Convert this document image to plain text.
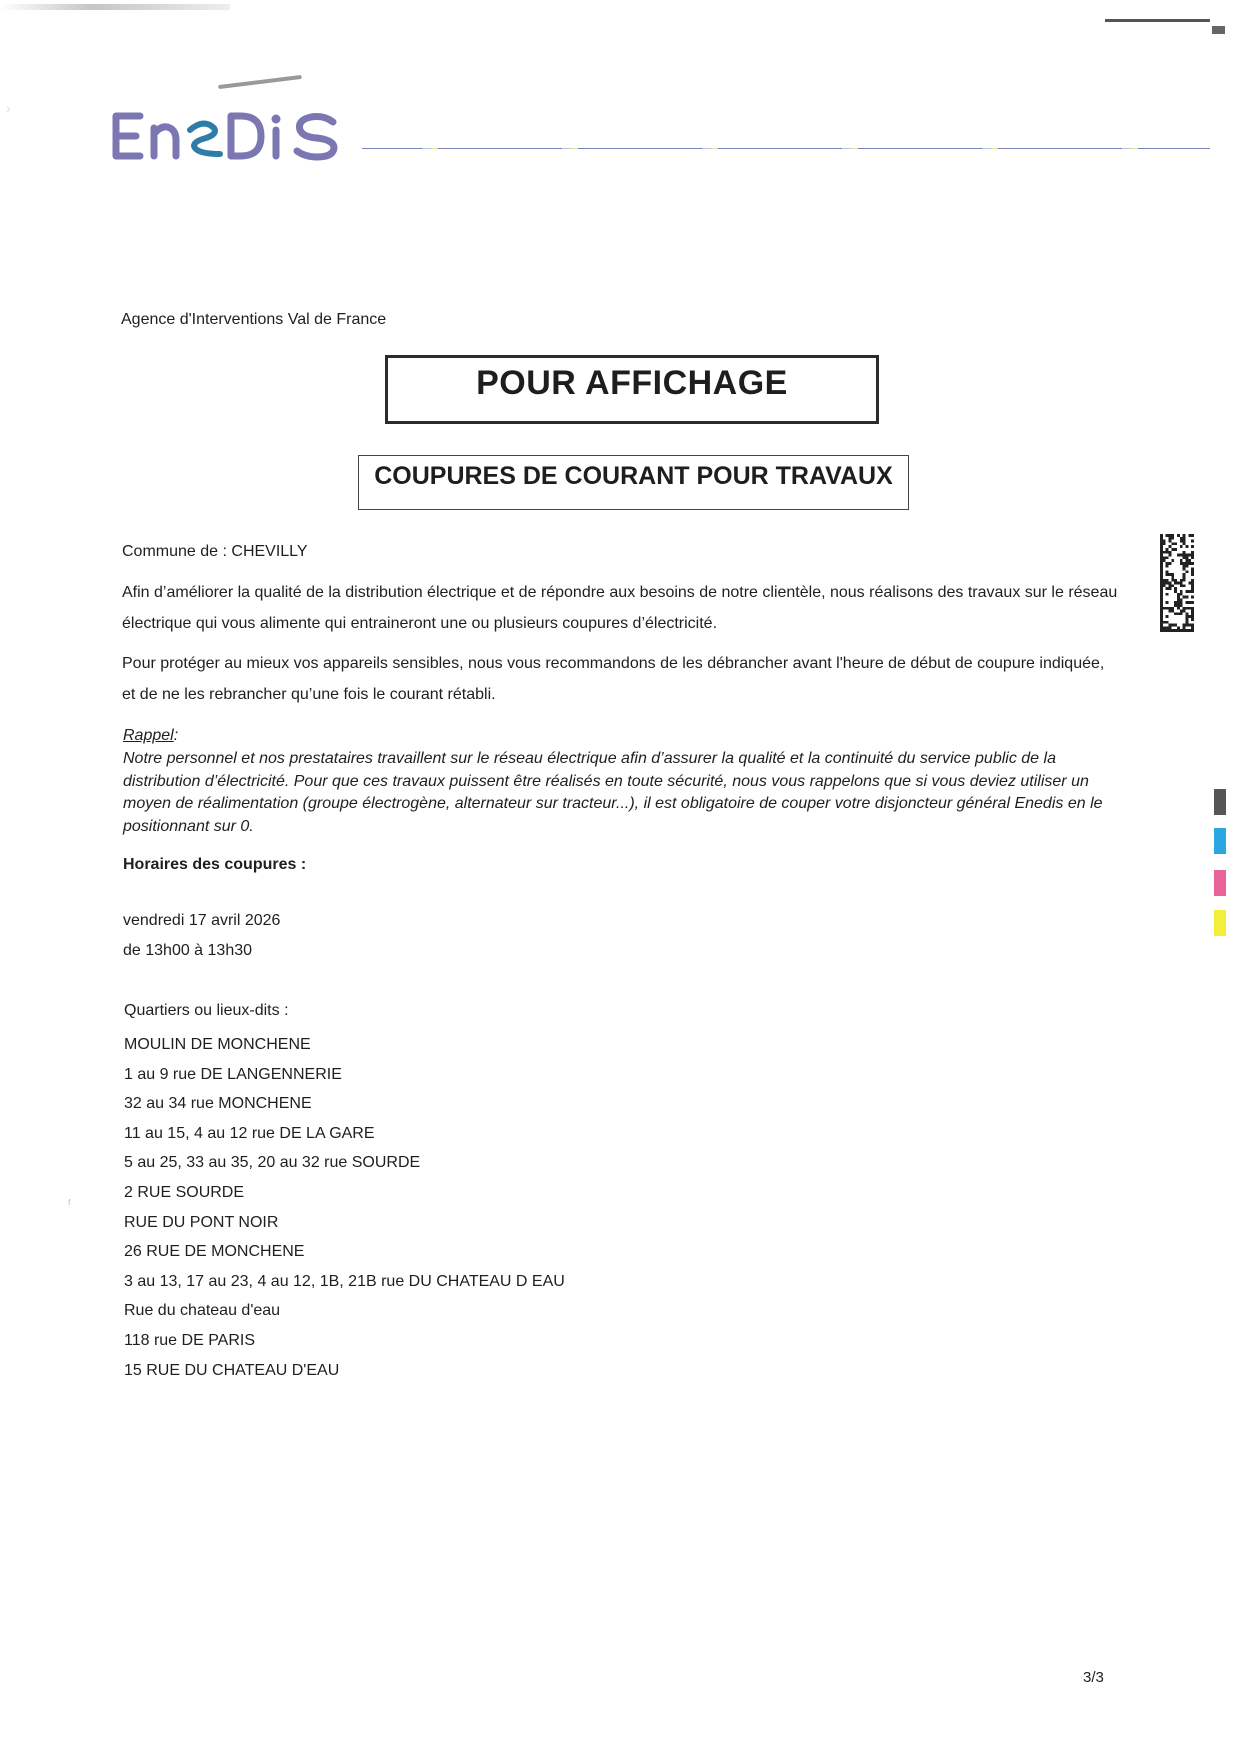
›
ᶠ
Agence d'Interventions Val de France
POUR AFFICHAGE
COUPURES DE COURANT POUR TRAVAUX
Commune de : CHEVILLY
Afin d’améliorer la qualité de la distribution électrique et de répondre aux besoins de notre clientèle, nous réalisons des travaux sur le réseau électrique qui vous alimente qui entraineront une ou plusieurs coupures d’électricité.
Pour protéger au mieux vos appareils sensibles, nous vous recommandons de les débrancher avant l'heure de début de coupure indiquée, et de ne les rebrancher qu’une fois le courant rétabli.
Rappel:
Notre personnel et nos prestataires travaillent sur le réseau électrique afin d’assurer la qualité et la continuité du service public de la distribution d’électricité. Pour que ces travaux puissent être réalisés en toute sécurité, nous vous rappelons que si vous deviez utiliser un moyen de réalimentation (groupe électrogène, alternateur sur tracteur...), il est obligatoire de couper votre disjoncteur général Enedis en le positionnant sur 0.
Horaires des coupures :
vendredi 17 avril 2026
de 13h00 à 13h30
Quartiers ou lieux-dits :
MOULIN DE MONCHENE
1 au 9 rue DE LANGENNERIE
32 au 34 rue MONCHENE
11 au 15, 4 au 12 rue DE LA GARE
5 au 25, 33 au 35, 20 au 32 rue SOURDE
2 RUE SOURDE
RUE DU PONT NOIR
26 RUE DE MONCHENE
3 au 13, 17 au 23, 4 au 12, 1B, 21B rue DU CHATEAU D EAU
Rue du chateau d'eau
118 rue DE PARIS
15 RUE DU CHATEAU D'EAU
3/3
